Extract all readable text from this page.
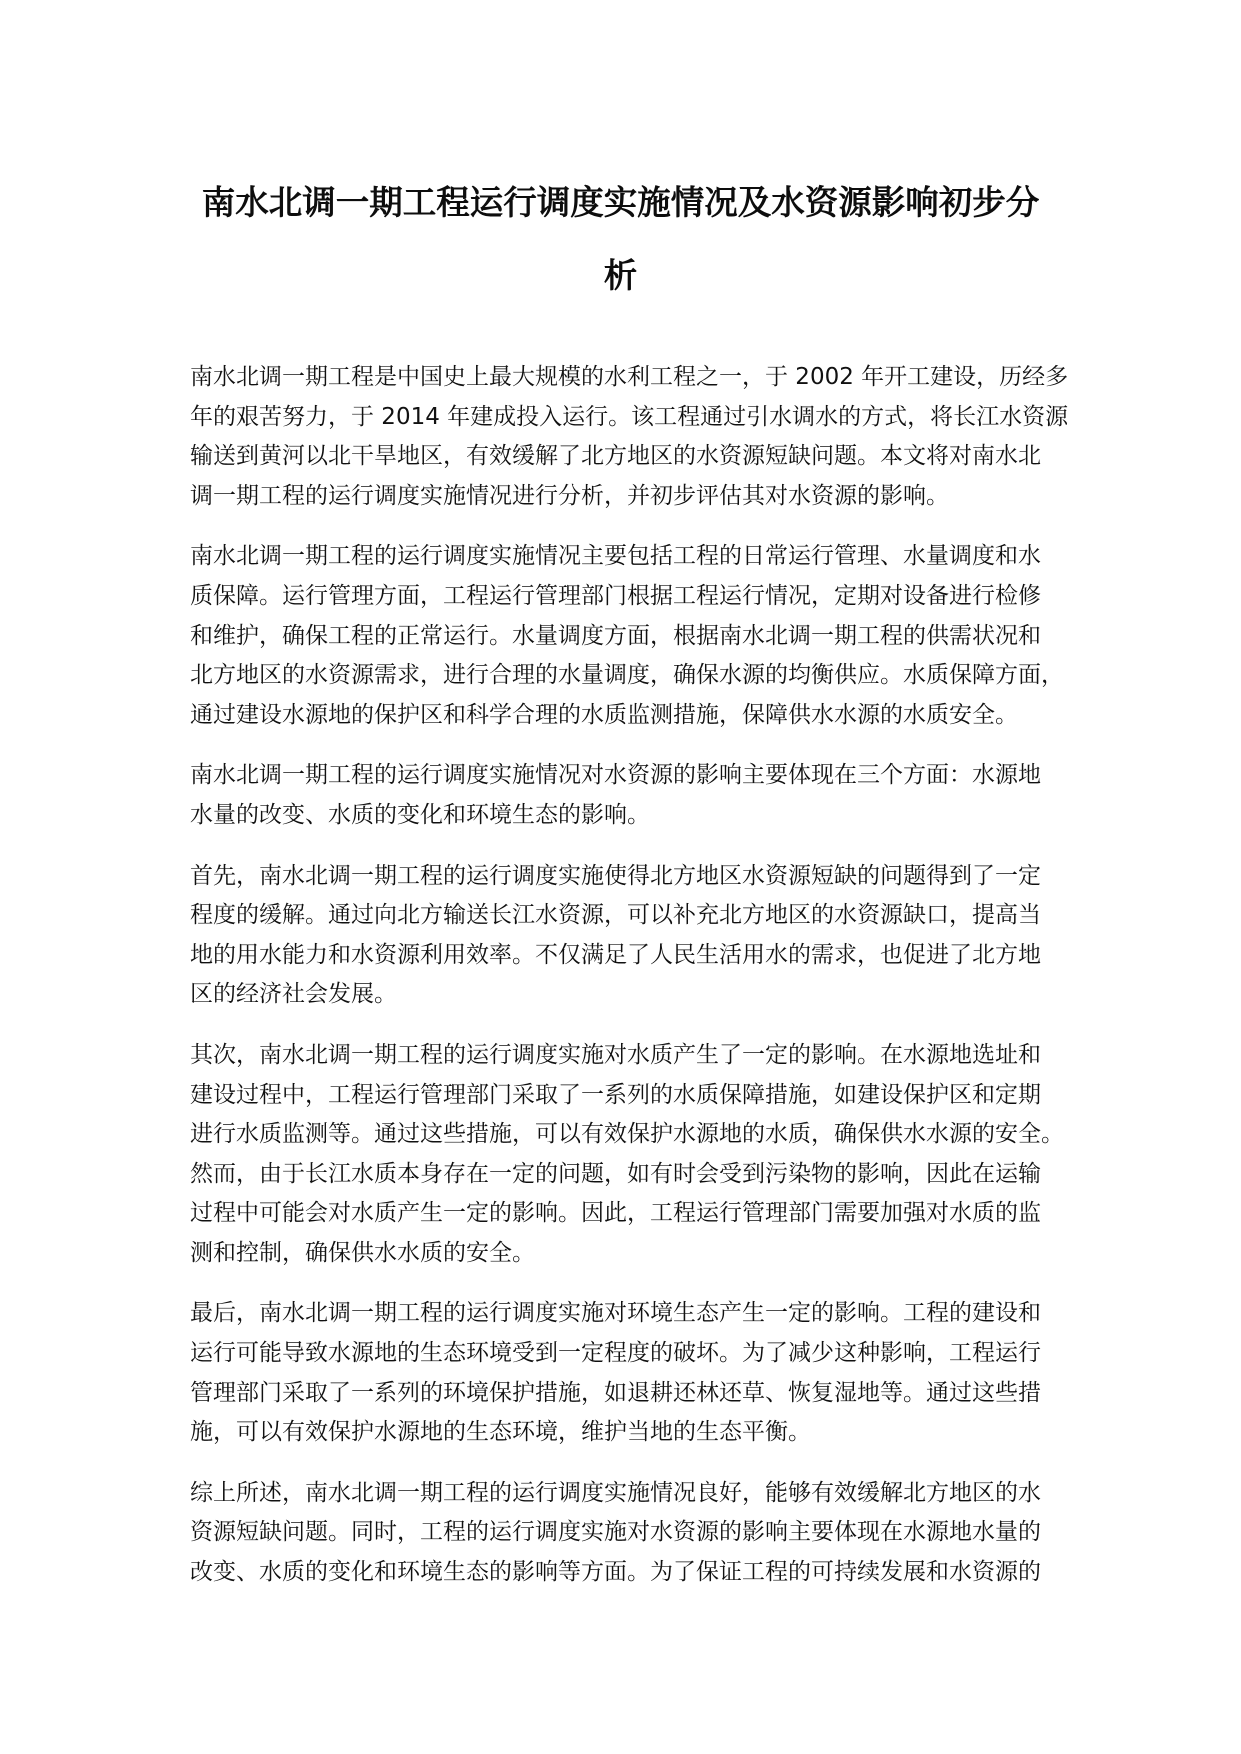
南水北调一期工程运行调度实施情况及水资源影响初步分析
南水北调一期工程是中国史上最大规模的水利工程之一，于 2002 年开工建设，历经多
年的艰苦努力，于 2014 年建成投入运行。该工程通过引水调水的方式，将长江水资源
输送到黄河以北干旱地区，有效缓解了北方地区的水资源短缺问题。本文将对南水北
调一期工程的运行调度实施情况进行分析，并初步评估其对水资源的影响。
南水北调一期工程的运行调度实施情况主要包括工程的日常运行管理、水量调度和水
质保障。运行管理方面，工程运行管理部门根据工程运行情况，定期对设备进行检修
和维护，确保工程的正常运行。水量调度方面，根据南水北调一期工程的供需状况和
北方地区的水资源需求，进行合理的水量调度，确保水源的均衡供应。水质保障方面，
通过建设水源地的保护区和科学合理的水质监测措施，保障供水水源的水质安全。
南水北调一期工程的运行调度实施情况对水资源的影响主要体现在三个方面：水源地
水量的改变、水质的变化和环境生态的影响。
首先，南水北调一期工程的运行调度实施使得北方地区水资源短缺的问题得到了一定
程度的缓解。通过向北方输送长江水资源，可以补充北方地区的水资源缺口，提高当
地的用水能力和水资源利用效率。不仅满足了人民生活用水的需求，也促进了北方地
区的经济社会发展。
其次，南水北调一期工程的运行调度实施对水质产生了一定的影响。在水源地选址和
建设过程中，工程运行管理部门采取了一系列的水质保障措施，如建设保护区和定期
进行水质监测等。通过这些措施，可以有效保护水源地的水质，确保供水水源的安全。
然而，由于长江水质本身存在一定的问题，如有时会受到污染物的影响，因此在运输
过程中可能会对水质产生一定的影响。因此，工程运行管理部门需要加强对水质的监
测和控制，确保供水水质的安全。
最后，南水北调一期工程的运行调度实施对环境生态产生一定的影响。工程的建设和
运行可能导致水源地的生态环境受到一定程度的破坏。为了减少这种影响，工程运行
管理部门采取了一系列的环境保护措施，如退耕还林还草、恢复湿地等。通过这些措
施，可以有效保护水源地的生态环境，维护当地的生态平衡。
综上所述，南水北调一期工程的运行调度实施情况良好，能够有效缓解北方地区的水
资源短缺问题。同时，工程的运行调度实施对水资源的影响主要体现在水源地水量的
改变、水质的变化和环境生态的影响等方面。为了保证工程的可持续发展和水资源的
